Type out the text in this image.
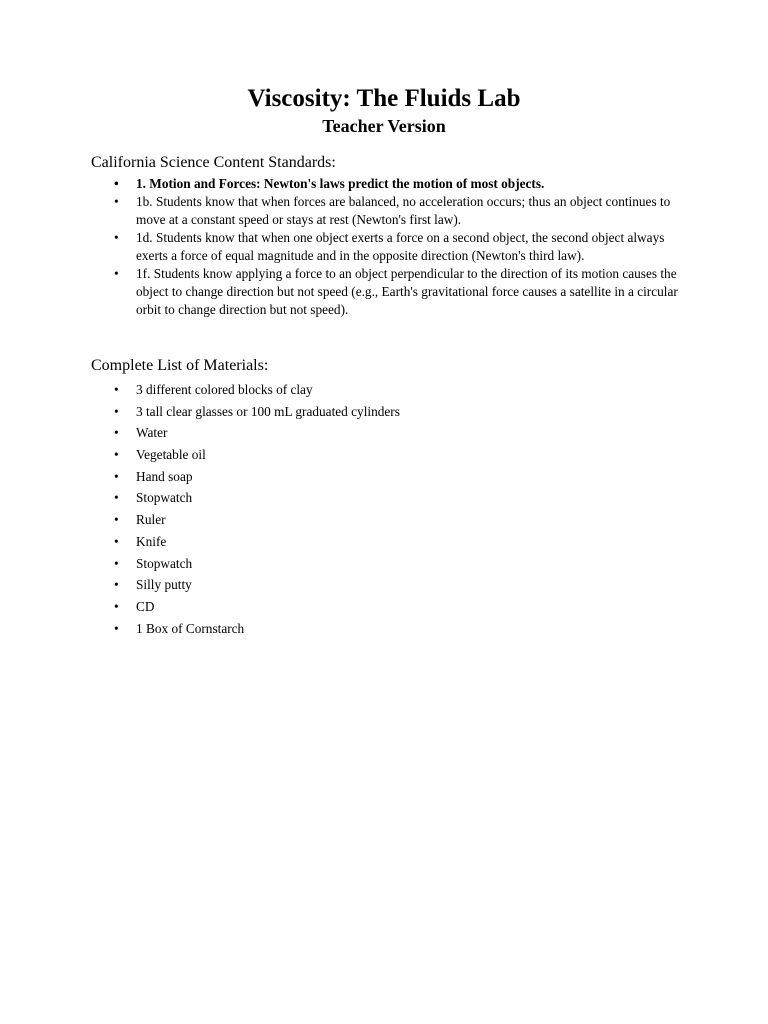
Viscosity: The Fluids Lab
Teacher Version
California Science Content Standards:
• 1. Motion and Forces: Newton's laws predict the motion of most objects.
• 1b. Students know that when forces are balanced, no acceleration occurs; thus an object continues to move at a constant speed or stays at rest (Newton's first law).
• 1d. Students know that when one object exerts a force on a second object, the second object always exerts a force of equal magnitude and in the opposite direction (Newton's third law).
• 1f. Students know applying a force to an object perpendicular to the direction of its motion causes the object to change direction but not speed (e.g., Earth's gravitational force causes a satellite in a circular orbit to change direction but not speed).
Complete List of Materials:
• 3 different colored blocks of clay
• 3 tall clear glasses or 100 mL graduated cylinders
• Water
• Vegetable oil
• Hand soap
• Stopwatch
• Ruler
• Knife
• Stopwatch
• Silly putty
• CD
• 1 Box of Cornstarch
